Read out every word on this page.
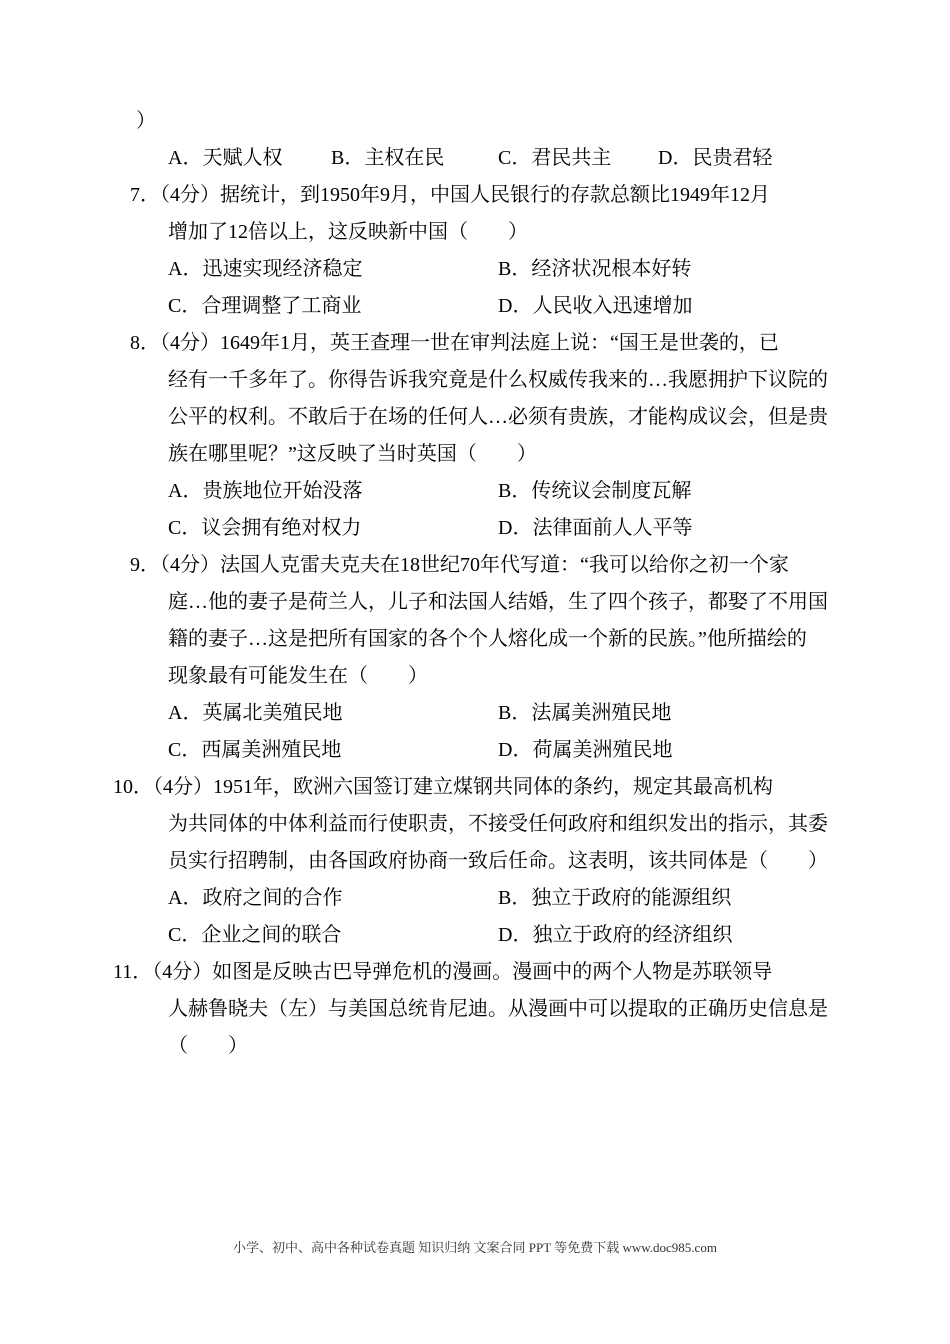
）
A．天赋人权	B．主权在民	C．君民共主	D．民贵君轻
7．（4分）据统计，到1950年9月，中国人民银行的存款总额比1949年12月
增加了12倍以上，这反映新中国（　　）
A．迅速实现经济稳定	B．经济状况根本好转
C．合理调整了工商业	D．人民收入迅速增加
8．（4分）1649年1月，英王查理一世在审判法庭上说：“国王是世袭的，已
经有一千多年了。你得告诉我究竟是什么权威传我来的…我愿拥护下议院的
公平的权利。不敢后于在场的任何人…必须有贵族，才能构成议会，但是贵
族在哪里呢？”这反映了当时英国（　　）
A．贵族地位开始没落	B．传统议会制度瓦解
C．议会拥有绝对权力	D．法律面前人人平等
9．（4分）法国人克雷夫克夫在18世纪70年代写道：“我可以给你之初一个家
庭…他的妻子是荷兰人，儿子和法国人结婚，生了四个孩子，都娶了不用国
籍的妻子…这是把所有国家的各个个人熔化成一个新的民族。”他所描绘的
现象最有可能发生在（　　）
A．英属北美殖民地	B．法属美洲殖民地
C．西属美洲殖民地	D．荷属美洲殖民地
10．（4分）1951年，欧洲六国签订建立煤钢共同体的条约，规定其最高机构
为共同体的中体利益而行使职责，不接受任何政府和组织发出的指示，其委
员实行招聘制，由各国政府协商一致后任命。这表明，该共同体是（　　）
A．政府之间的合作	B．独立于政府的能源组织
C．企业之间的联合	D．独立于政府的经济组织
11．（4分）如图是反映古巴导弹危机的漫画。漫画中的两个人物是苏联领导
人赫鲁晓夫（左）与美国总统肯尼迪。从漫画中可以提取的正确历史信息是
（　　）
小学、初中、高中各种试卷真题 知识归纳 文案合同 PPT 等免费下载 www.doc985.com
